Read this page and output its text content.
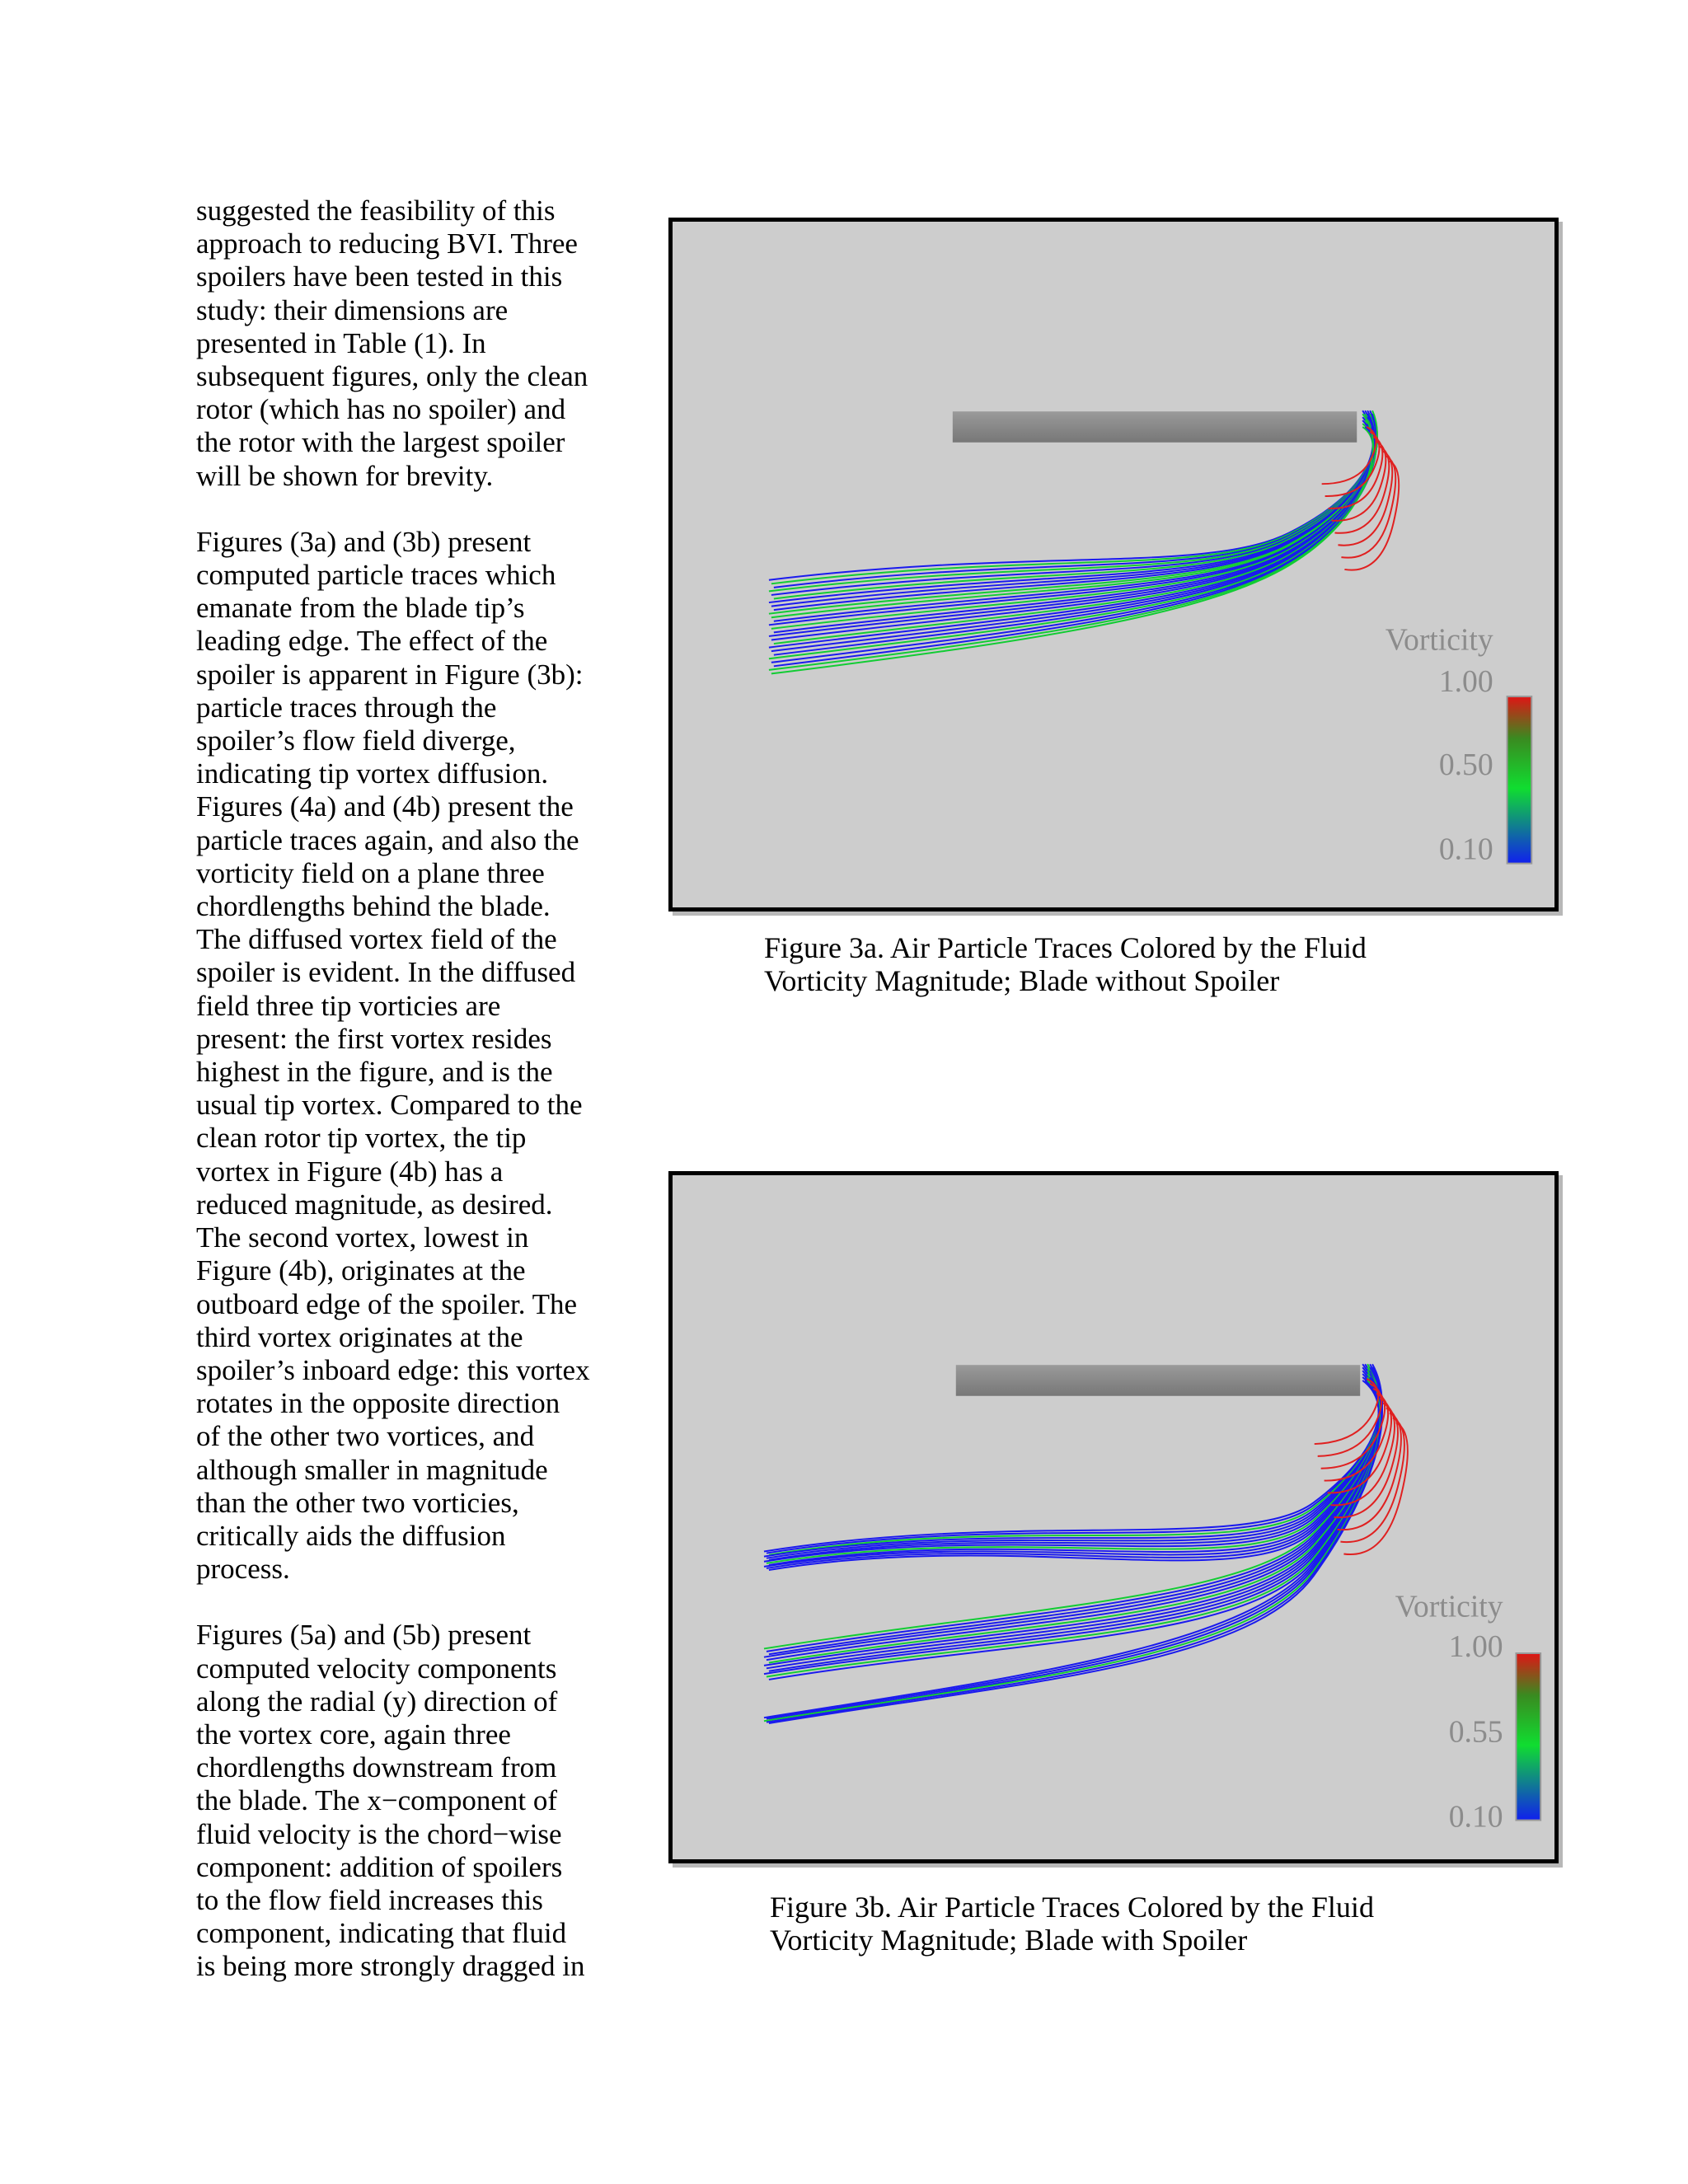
suggested the feasibility of this
approach to reducing BVI. Three
spoilers have been tested in this
study: their dimensions are
presented in Table (1). In
subsequent figures, only the clean
rotor (which has no spoiler) and
the rotor with the largest spoiler
will be shown for brevity.

Figures (3a) and (3b) present
computed particle traces which
emanate from the blade tip’s
leading edge. The effect of the
spoiler is apparent in Figure (3b):
particle traces through the
spoiler’s flow field diverge,
indicating tip vortex diffusion.
Figures (4a) and (4b) present the
particle traces again, and also the
vorticity field on a plane three
chordlengths behind the blade.
The diffused vortex field of the
spoiler is evident. In the diffused
field three tip vorticies are
present: the first vortex resides
highest in the figure, and is the
usual tip vortex. Compared to the
clean rotor tip vortex, the tip
vortex in Figure (4b) has a
reduced magnitude, as desired.
The second vortex, lowest in
Figure (4b), originates at the
outboard edge of the spoiler. The
third vortex originates at the
spoiler’s inboard edge: this vortex
rotates in the opposite direction
of the other two vortices, and
although smaller in magnitude
than the other two vorticies,
critically aids the diffusion
process.

Figures (5a) and (5b) present
computed velocity components
along the radial (y) direction of
the vortex core, again three
chordlengths downstream from
the blade. The x−component of
fluid velocity is the chord−wise
component: addition of spoilers
to the flow field increases this
component, indicating that fluid
is being more strongly dragged in

Vorticity
1.00
0.50
0.10
Figure 3a. Air Particle Traces Colored by the Fluid
Vorticity Magnitude; Blade without Spoiler
Vorticity
1.00
0.55
0.10
Figure 3b. Air Particle Traces Colored by the Fluid
Vorticity Magnitude; Blade with Spoiler
